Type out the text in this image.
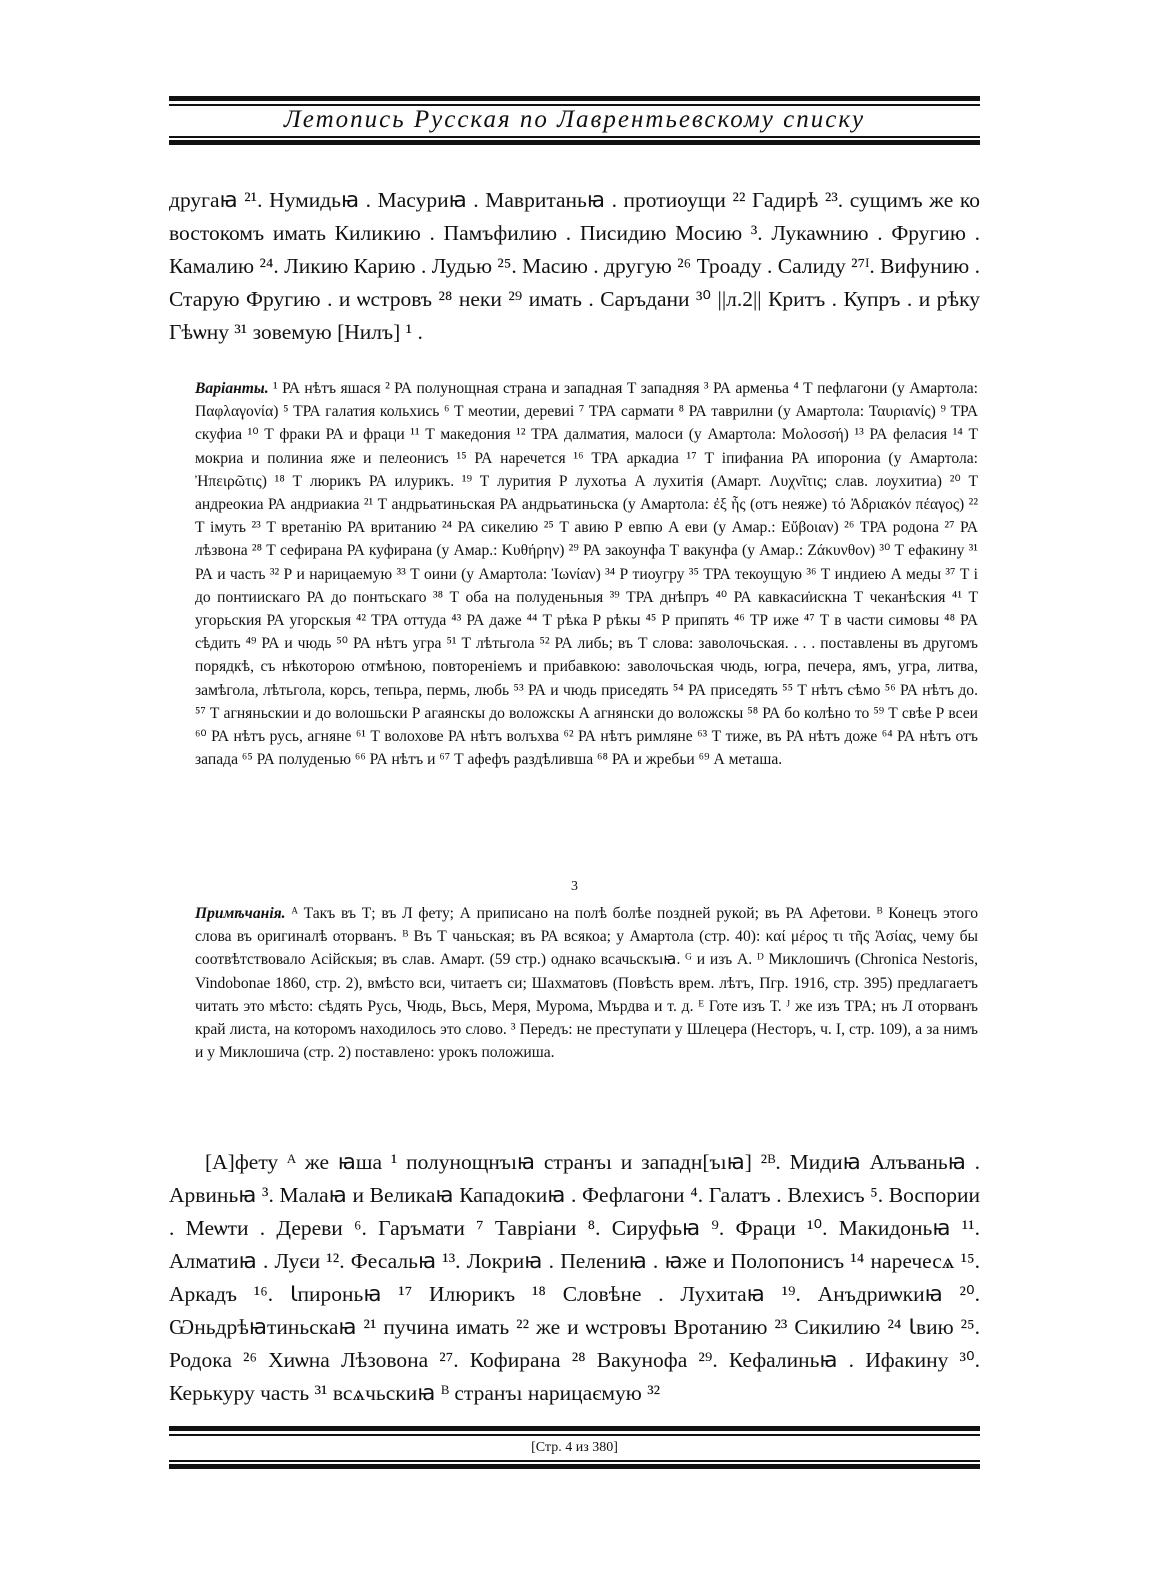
Летопись Русская по Лаврентьевскому списку

другаꙗ ²¹. Нумидьꙗ . Масуриꙗ . Мавританьꙗ . протиоущи ²² Гадирѣ ²³. сущимъ же ко востокомъ имать Киликию . Памъфилию . Писидию Мосию ³. Лукаѡнию . Фругию . Камалию ²⁴. Ликию Карию . Лудью ²⁵. Масию . другую ²⁶ Троаду . Салиду ²⁷ᴵ. Вифунию . Старую Фругию . и ѡстровъ ²⁸ неки ²⁹ имать . Саръдани ³⁰ ||л.2|| Критъ . Купръ . и рѣку Гѣѡну ³¹ зовемую [Нилъ] ¹ .

Варіанты. ¹ РА нѣтъ яшася ² РА полунощная страна и западная Т западняя ³ РА арменьа ⁴ Т пефлагони (у Амартола: Παφλαγονία) ⁵ ТРА галатия кольхись ⁶ Т меотии, деревиі ⁷ ТРА сармати ⁸ РА таврилни (у Амартола: Ταυριανίς) ⁹ ТРА скуфиа ¹⁰ Т фраки РА и фраци ¹¹ Т македония ¹² ТРА далматия, малоси (у Амартола: Μολοσσή) ¹³ РА феласия ¹⁴ Т мокриа и полиниа яже и пелеонисъ ¹⁵ РА наречется ¹⁶ ТРА аркадиа ¹⁷ Т іпифаниа РА ипорониа (у Амартола: Ἠπειρῶτις) ¹⁸ Т люрикъ РА илурикъ. ¹⁹ Т лурития Р лухотьа А лухитія (Амарт. Λυχνῖτις; слав. лоухитиа) ²⁰ Т андреокиа РА андриакиа ²¹ Т андрьатиньская РА андрьатиньска (у Амартола: ἐξ ἧς (отъ неяже) τό Ἀδριακόν πέαγος) ²² Т імуть ²³ Т вретанію РА вританию ²⁴ РА сикелию ²⁵ Т авию Р евпю А еви (у Амар.: Εὔβοιαν) ²⁶ ТРА родона ²⁷ РА лѣзвона ²⁸ Т сефирана РА куфирана (у Амар.: Κυθήρην) ²⁹ РА закоунфа Т вакунфа (у Амар.: Ζάκυνθον) ³⁰ Т ефакину ³¹ РА и часть ³² Р и нарицаемую ³³ Т оини (у Амартола: Ἰωνίαν) ³⁴ Р тиоугру ³⁵ ТРА текоущую ³⁶ Т индиею А меды ³⁷ Т і до понтиискаго РА до понтьскаго ³⁸ Т оба на полуденьныя ³⁹ ТРА днѣпръ ⁴⁰ РА кавкаси̇искна Т чеканѣския ⁴¹ Т угорьския РА угорскыя ⁴² ТРА оттуда ⁴³ РА даже ⁴⁴ Т рѣка Р рѣкы ⁴⁵ Р припять ⁴⁶ ТР иже ⁴⁷ Т в части симовы ⁴⁸ РА сѣдить ⁴⁹ РА и чюдь ⁵⁰ РА нѣтъ угра ⁵¹ Т лѣтьгола ⁵² РА либь; въ Т слова: заволочьская. . . . поставлены въ другомъ порядкѣ, съ нѣкоторою отмѣною, повтореніемъ и прибавкою: заволочьская чюдь, югра, печера, ямъ, угра, литва, замѣгола, лѣтьгола, корсь, тепьра, пермь, любь ⁵³ РА и чюдь приседять ⁵⁴ РА приседять ⁵⁵ Т нѣтъ сѣмо ⁵⁶ РА нѣтъ до. ⁵⁷ Т агняньскии и до волошьски Р агаянскы до воложскы А агнянски до воложскы ⁵⁸ РА бо колѣно то ⁵⁹ Т свѣе Р всеи ⁶⁰ РА нѣтъ русь, агняне ⁶¹ Т волохове РА нѣтъ волъхва ⁶² РА нѣтъ римляне ⁶³ Т тиже, въ РА нѣтъ доже ⁶⁴ РА нѣтъ отъ запада ⁶⁵ РА полуденью ⁶⁶ РА нѣтъ и ⁶⁷ Т афефъ раздѣливша ⁶⁸ РА и жребьи ⁶⁹ А меташа.

3

Примѣчанія. ᴬ Такъ въ Т; въ Л фету; А приписано на полѣ болѣе поздней рукой; въ РА Афетови. ᴮ Конецъ этого слова въ оригиналѣ оторванъ. ᴮ Въ Т чаньская; въ РА всякоа; у Амартола (стр. 40): καί μέρος τι τῆς Ἀσίας, чему бы соотвѣтствовало Асійскыя; въ слав. Амарт. (59 стр.) однако всачьскъıꙗ. ᴳ и изъ А. ᴰ Миклошичъ (Chronica Nestoris, Vindobonae 1860, стр. 2), вмѣсто вси, читаетъ си; Шахматовъ (Повѣсть врем. лѣтъ, Пгр. 1916, стр. 395) предлагаетъ читать это мѣсто: сѣдять Русь, Чюдь, Вьсь, Меря, Мурома, Мърдва и т. д. ᴱ Готе изъ Т. ᴶ же изъ ТРА; нъ Л оторванъ край листа, на которомъ находилось это слово. ³ Передъ: не преступати у Шлецера (Несторъ, ч. I, стр. 109), а за нимъ и у Миклошича (стр. 2) поставлено: урокъ положиша.

[А]фету ᴬ же ꙗша ¹ полунощнъıꙗ странъı и западн[ъıꙗ] ²ᴮ. Мидиꙗ Алъваньꙗ . Арвиньꙗ ³. Малаꙗ и Великаꙗ Кападокиꙗ . Фефлагони ⁴. Галатъ . Влехисъ ⁵. Воспории . Меѡти . Дереви ⁶. Гаръмати ⁷ Тавріани ⁸. Сируфьꙗ ⁹. Фраци ¹⁰. Макидоньꙗ ¹¹. Алматиꙗ . Луєи ¹². Фесальꙗ ¹³. Локриꙗ . Пелениꙗ . ꙗже и Полопонисъ ¹⁴ наречесѧ ¹⁵. Аркадъ ¹⁶. Ꙇпироньꙗ ¹⁷ Илюрикъ ¹⁸ Словѣне . Лухитаꙗ ¹⁹. Анъдриѡкиꙗ ²⁰. Ѡньдрѣꙗтиньскаꙗ ²¹ пучина имать ²² же и ѡстровъı Вротанию ²³ Сикилию ²⁴ Ꙇвию ²⁵. Родока ²⁶ Хиѡна Лѣзовона ²⁷. Кофирана ²⁸ Вакунофа ²⁹. Кефалиньꙗ . Ифакину ³⁰. Керькуру часть ³¹ всѧчьскиꙗ ᴮ странъı нарицаємую ³²

[Стр. 4 из 380]
